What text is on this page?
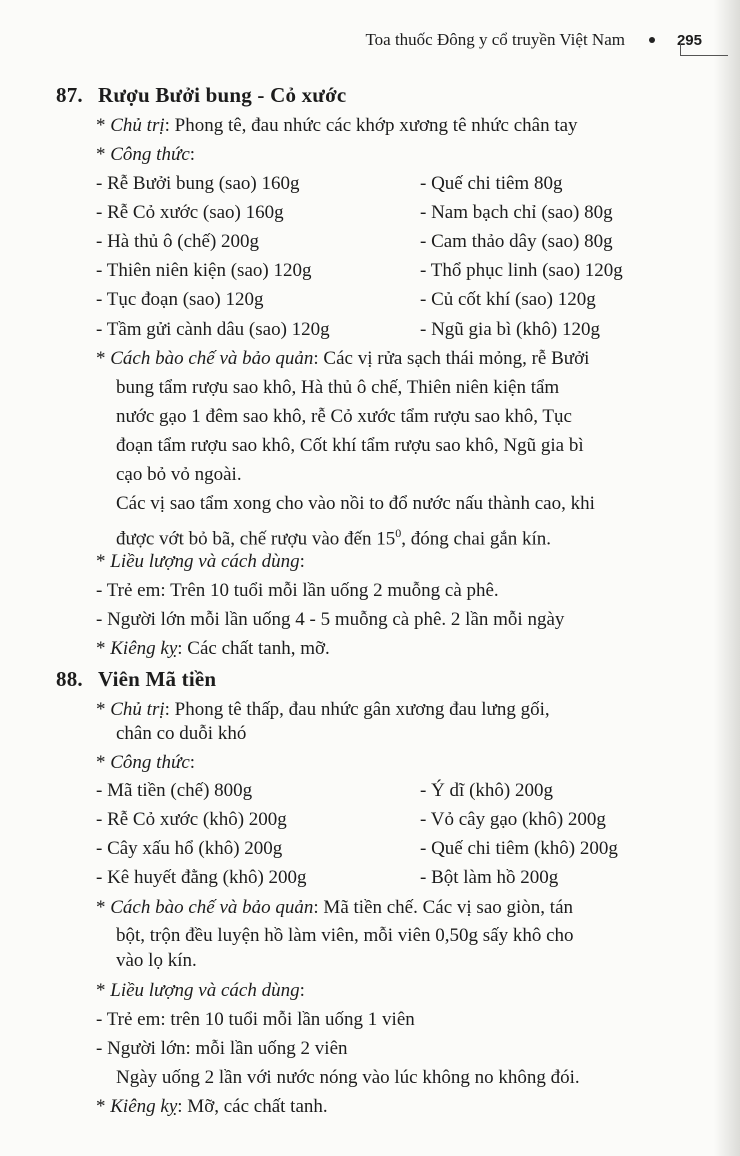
Toa thuốc Đông y cổ truyền Việt Nam	295
87. Rượu Bưởi bung - Cỏ xước
* Chủ trị: Phong tê, đau nhức các khớp xương tê nhức chân tay
* Công thức:
- Rễ Bưởi bung (sao) 160g
- Rễ Cỏ xước (sao) 160g
- Hà thủ ô (chế) 200g
- Thiên niên kiện (sao) 120g
- Tục đoạn (sao) 120g
- Tầm gửi cành dâu (sao) 120g
- Quế chi tiêm 80g
- Nam bạch chỉ (sao) 80g
- Cam thảo dây (sao) 80g
- Thổ phục linh (sao) 120g
- Củ cốt khí (sao) 120g
- Ngũ gia bì (khô) 120g
* Cách bào chế và bảo quản: Các vị rửa sạch thái mỏng, rễ Bưởi
bung tẩm rượu sao khô, Hà thủ ô chế, Thiên niên kiện tẩm
nước gạo 1 đêm sao khô, rễ Cỏ xước tẩm rượu sao khô, Tục
đoạn tẩm rượu sao khô, Cốt khí tẩm rượu sao khô, Ngũ gia bì
cạo bỏ vỏ ngoài.
Các vị sao tẩm xong cho vào nồi to đổ nước nấu thành cao, khi
được vớt bỏ bã, chế rượu vào đến $15^0$, đóng chai gắn kín.
* Liều lượng và cách dùng:
- Trẻ em: Trên 10 tuổi mỗi lần uống 2 muỗng cà phê.
- Người lớn mỗi lần uống 4 - 5 muỗng cà phê. 2 lần mỗi ngày
* Kiêng kỵ: Các chất tanh, mỡ.
88. Viên Mã tiền
* Chủ trị: Phong tê thấp, đau nhức gân xương đau lưng gối,
chân co duỗi khó
* Công thức:
- Mã tiền (chế) 800g
- Rễ Cỏ xước (khô) 200g
- Cây xấu hổ (khô) 200g
- Kê huyết đằng (khô) 200g
- Ý dĩ (khô) 200g
- Vỏ cây gạo (khô) 200g
- Quế chi tiêm (khô) 200g
- Bột làm hồ 200g
* Cách bào chế và bảo quản: Mã tiền chế. Các vị sao giòn, tán
bột, trộn đều luyện hồ làm viên, mỗi viên 0,50g sấy khô cho
vào lọ kín.
* Liều lượng và cách dùng:
- Trẻ em: trên 10 tuổi mỗi lần uống 1 viên
- Người lớn: mỗi lần uống 2 viên
Ngày uống 2 lần với nước nóng vào lúc không no không đói.
* Kiêng kỵ: Mỡ, các chất tanh.
